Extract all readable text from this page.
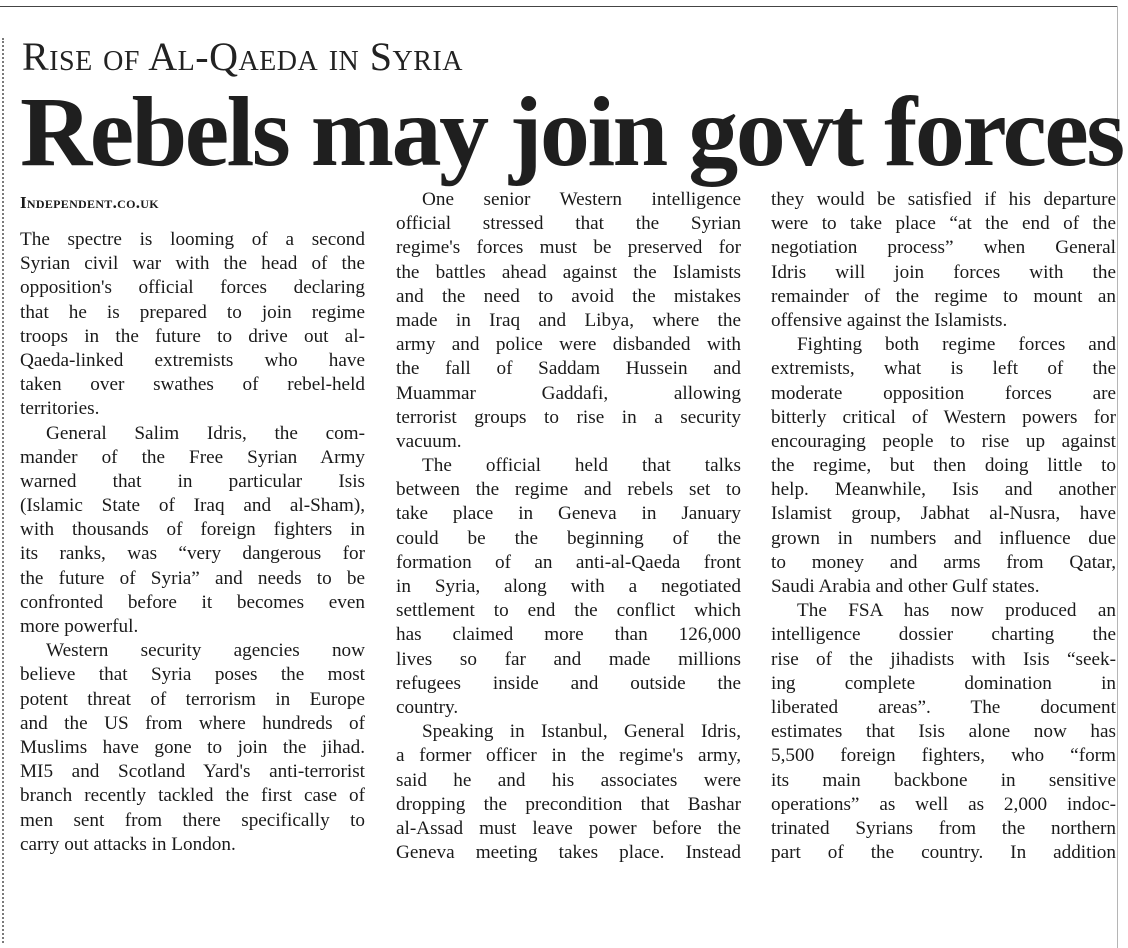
Rise of Al-Qaeda in Syria
Rebels may join govt forces
Independent.co.uk
The spectre is looming of a second
Syrian civil war with the head of the
opposition's official forces declaring
that he is prepared to join regime
troops in the future to drive out al-
Qaeda-linked extremists who have
taken over swathes of rebel-held
territories.
General Salim Idris, the com-
mander of the Free Syrian Army
warned that in particular Isis
(Islamic State of Iraq and al-Sham),
with thousands of foreign fighters in
its ranks, was “very dangerous for
the future of Syria” and needs to be
confronted before it becomes even
more powerful.
Western security agencies now
believe that Syria poses the most
potent threat of terrorism in Europe
and the US from where hundreds of
Muslims have gone to join the jihad.
MI5 and Scotland Yard's anti-terrorist
branch recently tackled the first case of
men sent from there specifically to
carry out attacks in London.
One senior Western intelligence
official stressed that the Syrian
regime's forces must be preserved for
the battles ahead against the Islamists
and the need to avoid the mistakes
made in Iraq and Libya, where the
army and police were disbanded with
the fall of Saddam Hussein and
Muammar Gaddafi, allowing
terrorist groups to rise in a security
vacuum.
The official held that talks
between the regime and rebels set to
take place in Geneva in January
could be the beginning of the
formation of an anti-al-Qaeda front
in Syria, along with a negotiated
settlement to end the conflict which
has claimed more than 126,000
lives so far and made millions
refugees inside and outside the
country.
Speaking in Istanbul, General Idris,
a former officer in the regime's army,
said he and his associates were
dropping the precondition that Bashar
al-Assad must leave power before the
Geneva meeting takes place. Instead
they would be satisfied if his departure
were to take place “at the end of the
negotiation process” when General
Idris will join forces with the
remainder of the regime to mount an
offensive against the Islamists.
Fighting both regime forces and
extremists, what is left of the
moderate opposition forces are
bitterly critical of Western powers for
encouraging people to rise up against
the regime, but then doing little to
help. Meanwhile, Isis and another
Islamist group, Jabhat al-Nusra, have
grown in numbers and influence due
to money and arms from Qatar,
Saudi Arabia and other Gulf states.
The FSA has now produced an
intelligence dossier charting the
rise of the jihadists with Isis “seek-
ing complete domination in
liberated areas”. The document
estimates that Isis alone now has
5,500 foreign fighters, who “form
its main backbone in sensitive
operations” as well as 2,000 indoc-
trinated Syrians from the northern
part of the country. In addition
